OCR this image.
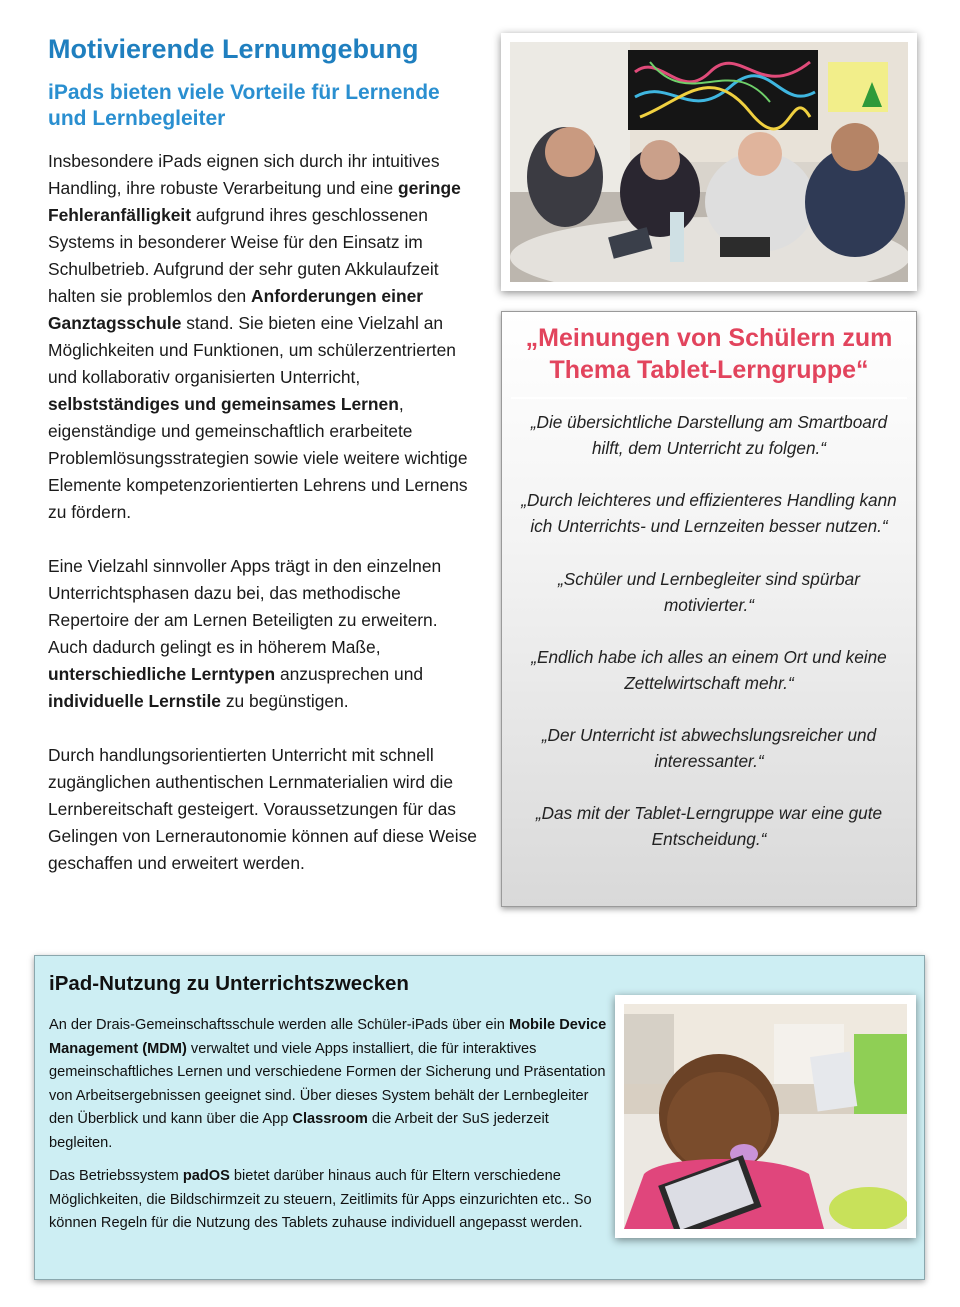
Motivierende Lernumgebung
iPads bieten viele Vorteile für Lernende und Lernbegleiter

Insbesondere iPads eignen sich durch ihr intuitives Handling, ihre robuste Verarbeitung und eine geringe Fehleranfälligkeit aufgrund ihres geschlossenen Systems in besonderer Weise für den Einsatz im Schulbetrieb. Aufgrund der sehr guten Akkulaufzeit halten sie problemlos den Anforderungen einer Ganztagsschule stand. Sie bieten eine Vielzahl an Möglichkeiten und Funktionen, um schülerzentrierten und kollaborativ organisierten Unterricht, selbstständiges und gemeinsames Lernen, eigenständige und gemeinschaftlich erarbeitete Problemlösungsstrategien sowie viele weitere wichtige Elemente kompetenzorientierten Lehrens und Lernens zu fördern.

Eine Vielzahl sinnvoller Apps trägt in den einzelnen Unterrichtsphasen dazu bei, das methodische Repertoire der am Lernen Beteiligten zu erweitern. Auch dadurch gelingt es in höherem Maße, unterschiedliche Lerntypen anzusprechen und individuelle Lernstile zu begünstigen.

Durch handlungsorientierten Unterricht mit schnell zugänglichen authentischen Lernmaterialien wird die Lernbereitschaft gesteigert. Voraussetzungen für das Gelingen von Lernerautonomie können auf diese Weise geschaffen und erweitert werden.

„Meinungen von Schülern zum Thema Tablet-Lerngruppe“

„Die übersichtliche Darstellung am Smartboard hilft, dem Unterricht zu folgen.“

„Durch leichteres und effizienteres Handling kann ich Unterrichts- und Lernzeiten besser nutzen.“

„Schüler und Lernbegleiter sind spürbar motivierter.“

„Endlich habe ich alles an einem Ort und keine Zettelwirtschaft mehr.“

„Der Unterricht ist abwechslungsreicher und interessanter.“

„Das mit der Tablet-Lerngruppe war eine gute Entscheidung.“

iPad-Nutzung zu Unterrichtszwecken

An der Drais-Gemeinschaftsschule werden alle Schüler-iPads über ein Mobile Device Management (MDM) verwaltet und viele Apps installiert, die für interaktives gemeinschaftliches Lernen und verschiedene Formen der Sicherung und Präsentation von Arbeitsergebnissen geeignet sind. Über dieses System behält der Lernbegleiter den Überblick und kann über die App Classroom die Arbeit der SuS jederzeit begleiten.

Das Betriebssystem padOS bietet darüber hinaus auch für Eltern verschiedene Möglichkeiten, die Bildschirmzeit zu steuern, Zeitlimits für Apps einzurichten etc.. So können Regeln für die Nutzung des Tablets zuhause individuell angepasst werden.
